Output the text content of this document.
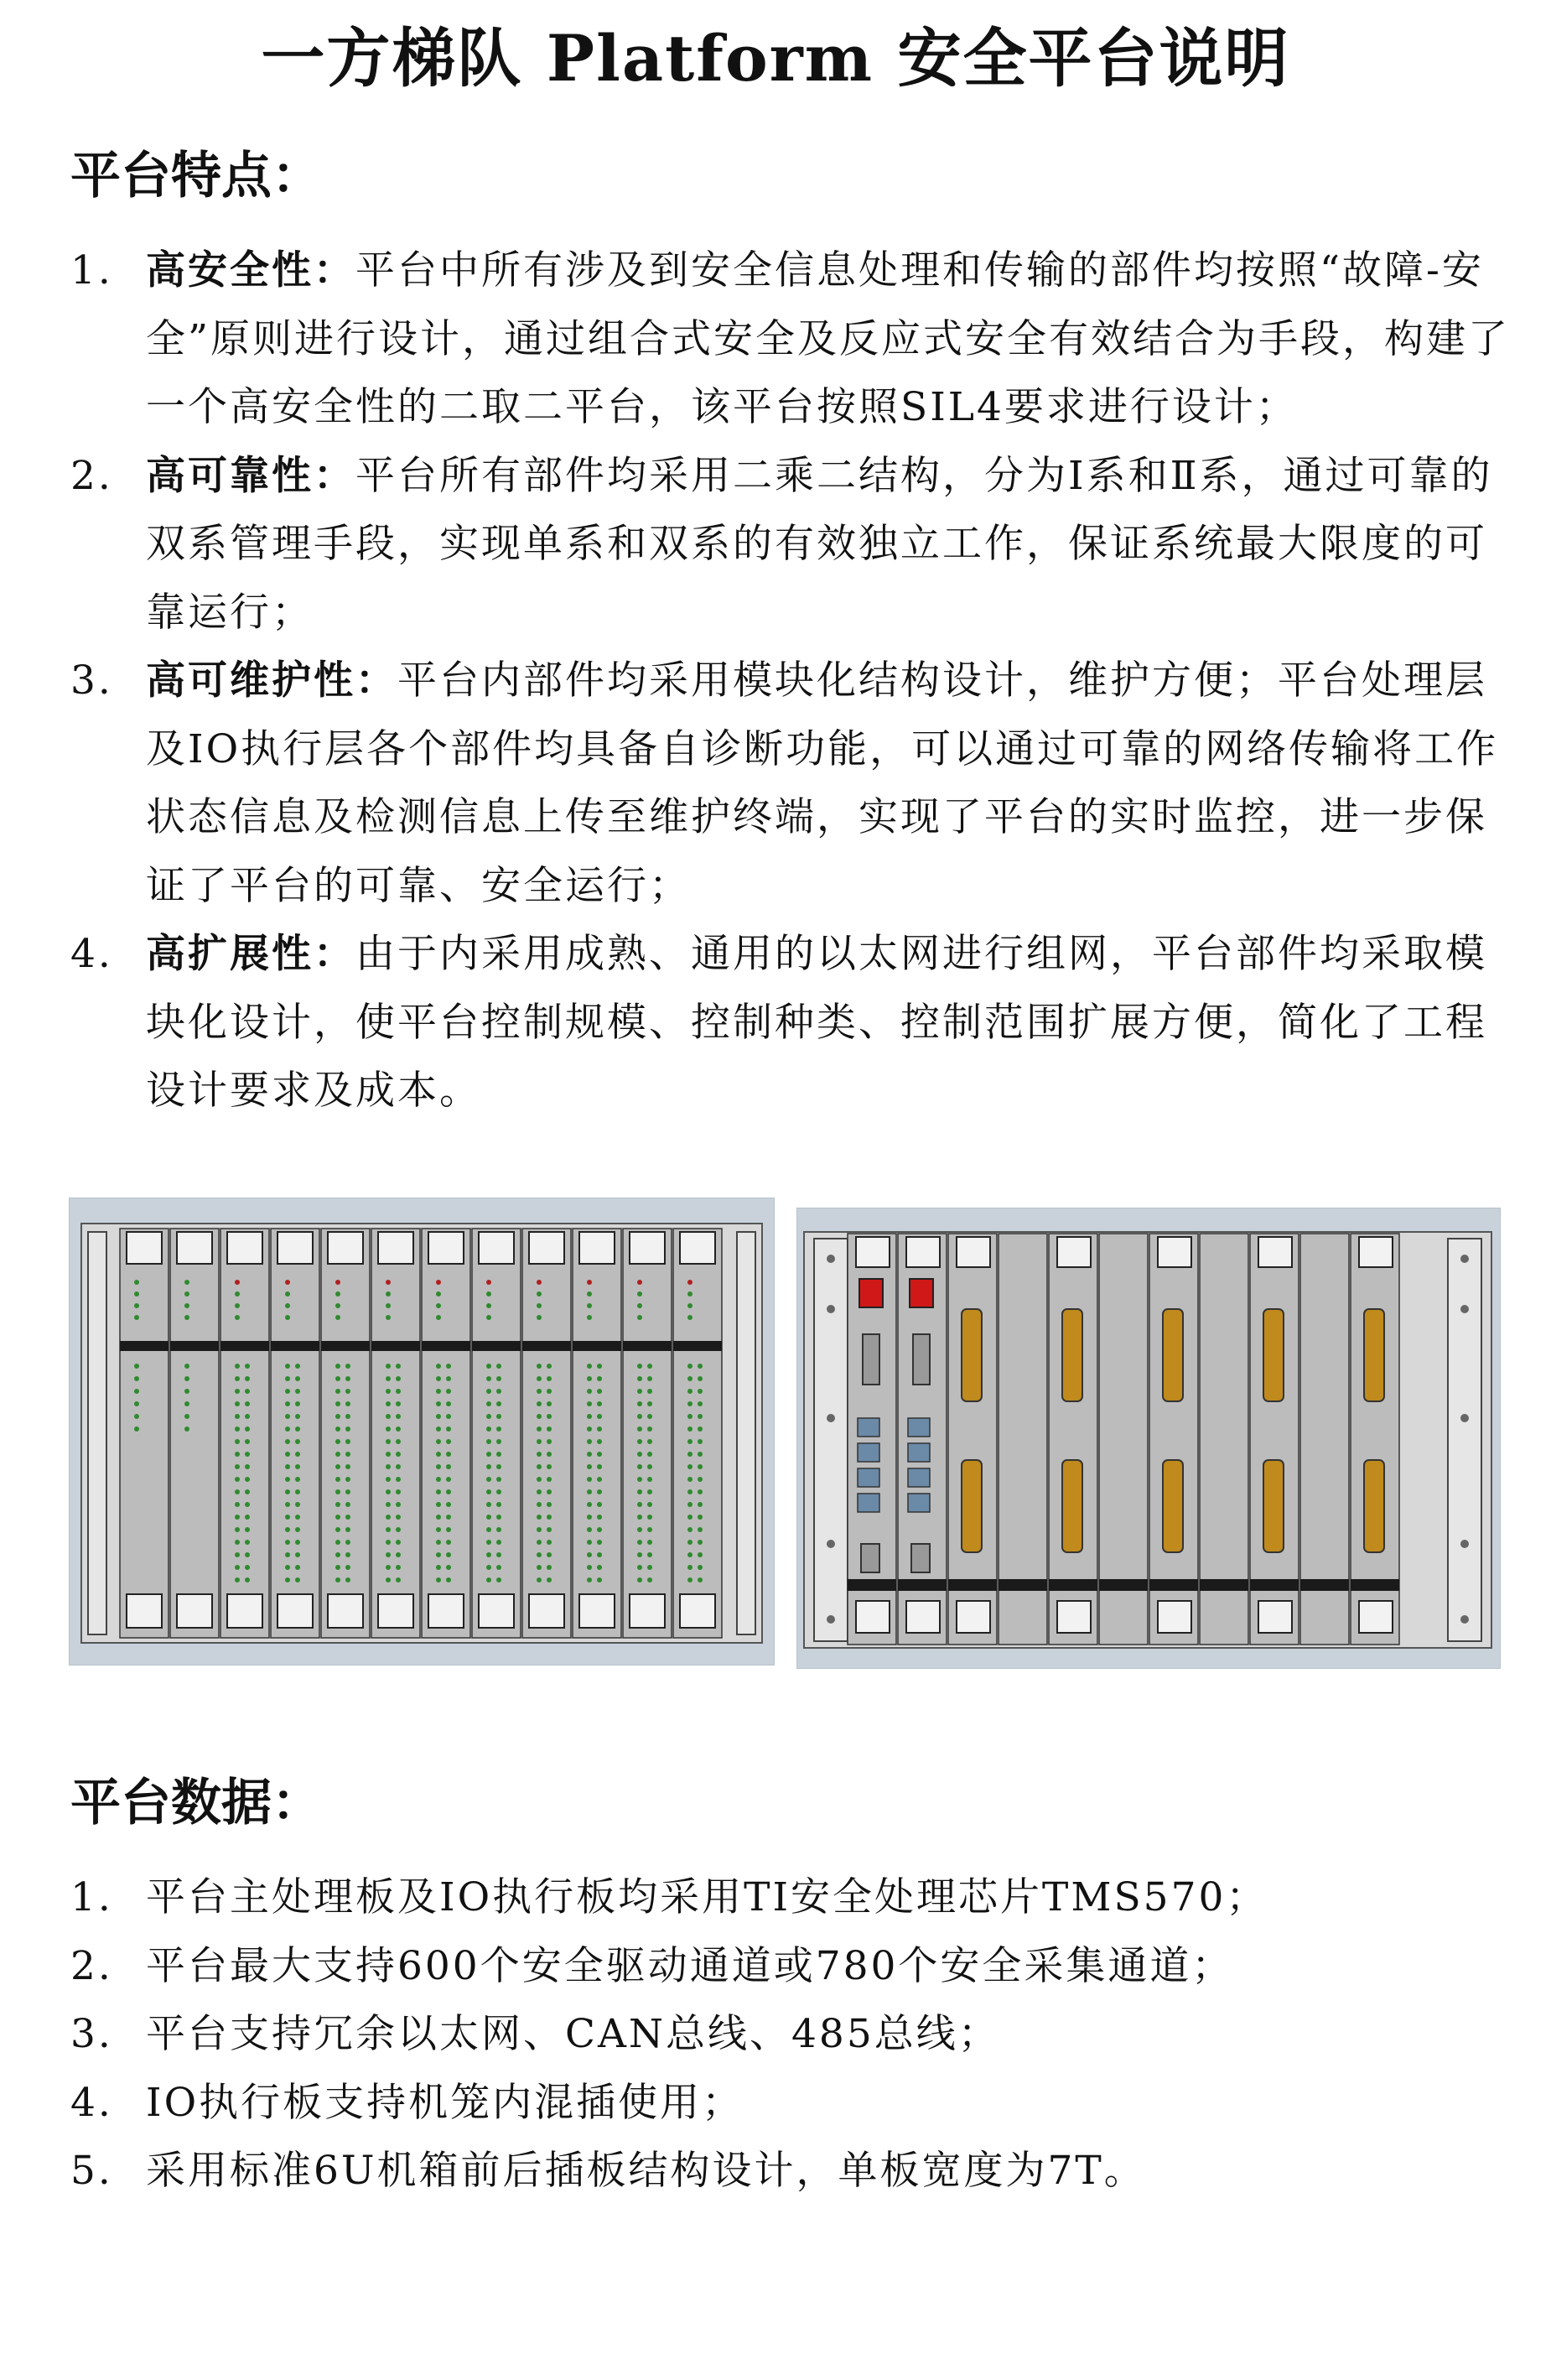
一方梯队 Platform 安全平台说明
平台特点：
1. 高安全性：平台中所有涉及到安全信息处理和传输的部件均按照“故障-安全”原则进行设计，通过组合式安全及反应式安全有效结合为手段，构建了一个高安全性的二取二平台，该平台按照SIL4要求进行设计；
2. 高可靠性：平台所有部件均采用二乘二结构，分为Ⅰ系和Ⅱ系，通过可靠的双系管理手段，实现单系和双系的有效独立工作，保证系统最大限度的可靠运行；
3. 高可维护性：平台内部件均采用模块化结构设计，维护方便；平台处理层及IO执行层各个部件均具备自诊断功能，可以通过可靠的网络传输将工作状态信息及检测信息上传至维护终端，实现了平台的实时监控，进一步保证了平台的可靠、安全运行；
4. 高扩展性：由于内采用成熟、通用的以太网进行组网，平台部件均采取模块化设计，使平台控制规模、控制种类、控制范围扩展方便，简化了工程设计要求及成本。
平台数据：
1. 平台主处理板及IO执行板均采用TI安全处理芯片TMS570；
2. 平台最大支持600个安全驱动通道或780个安全采集通道；
3. 平台支持冗余以太网、CAN总线、485总线；
4. IO执行板支持机笼内混插使用；
5. 采用标准6U机箱前后插板结构设计，单板宽度为7T。
